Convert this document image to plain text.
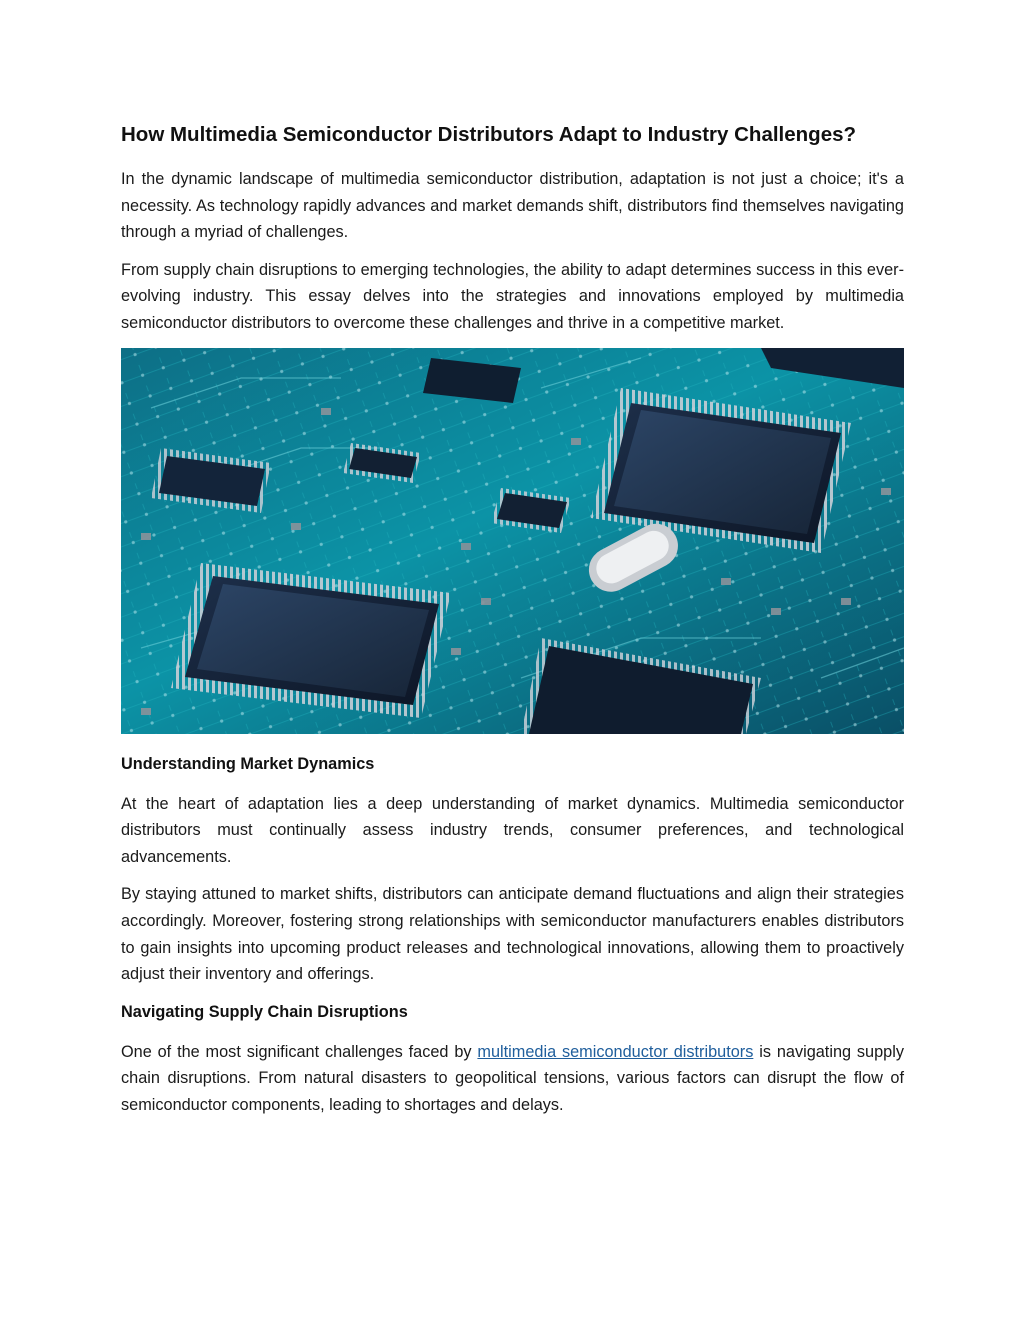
How Multimedia Semiconductor Distributors Adapt to Industry Challenges?

In the dynamic landscape of multimedia semiconductor distribution, adaptation is not just a choice; it's a necessity. As technology rapidly advances and market demands shift, distributors find themselves navigating through a myriad of challenges.

From supply chain disruptions to emerging technologies, the ability to adapt determines success in this ever-evolving industry. This essay delves into the strategies and innovations employed by multimedia semiconductor distributors to overcome these challenges and thrive in a competitive market.

Understanding Market Dynamics

At the heart of adaptation lies a deep understanding of market dynamics. Multimedia semiconductor distributors must continually assess industry trends, consumer preferences, and technological advancements.

By staying attuned to market shifts, distributors can anticipate demand fluctuations and align their strategies accordingly. Moreover, fostering strong relationships with semiconductor manufacturers enables distributors to gain insights into upcoming product releases and technological innovations, allowing them to proactively adjust their inventory and offerings.

Navigating Supply Chain Disruptions

One of the most significant challenges faced by multimedia semiconductor distributors is navigating supply chain disruptions. From natural disasters to geopolitical tensions, various factors can disrupt the flow of semiconductor components, leading to shortages and delays.
